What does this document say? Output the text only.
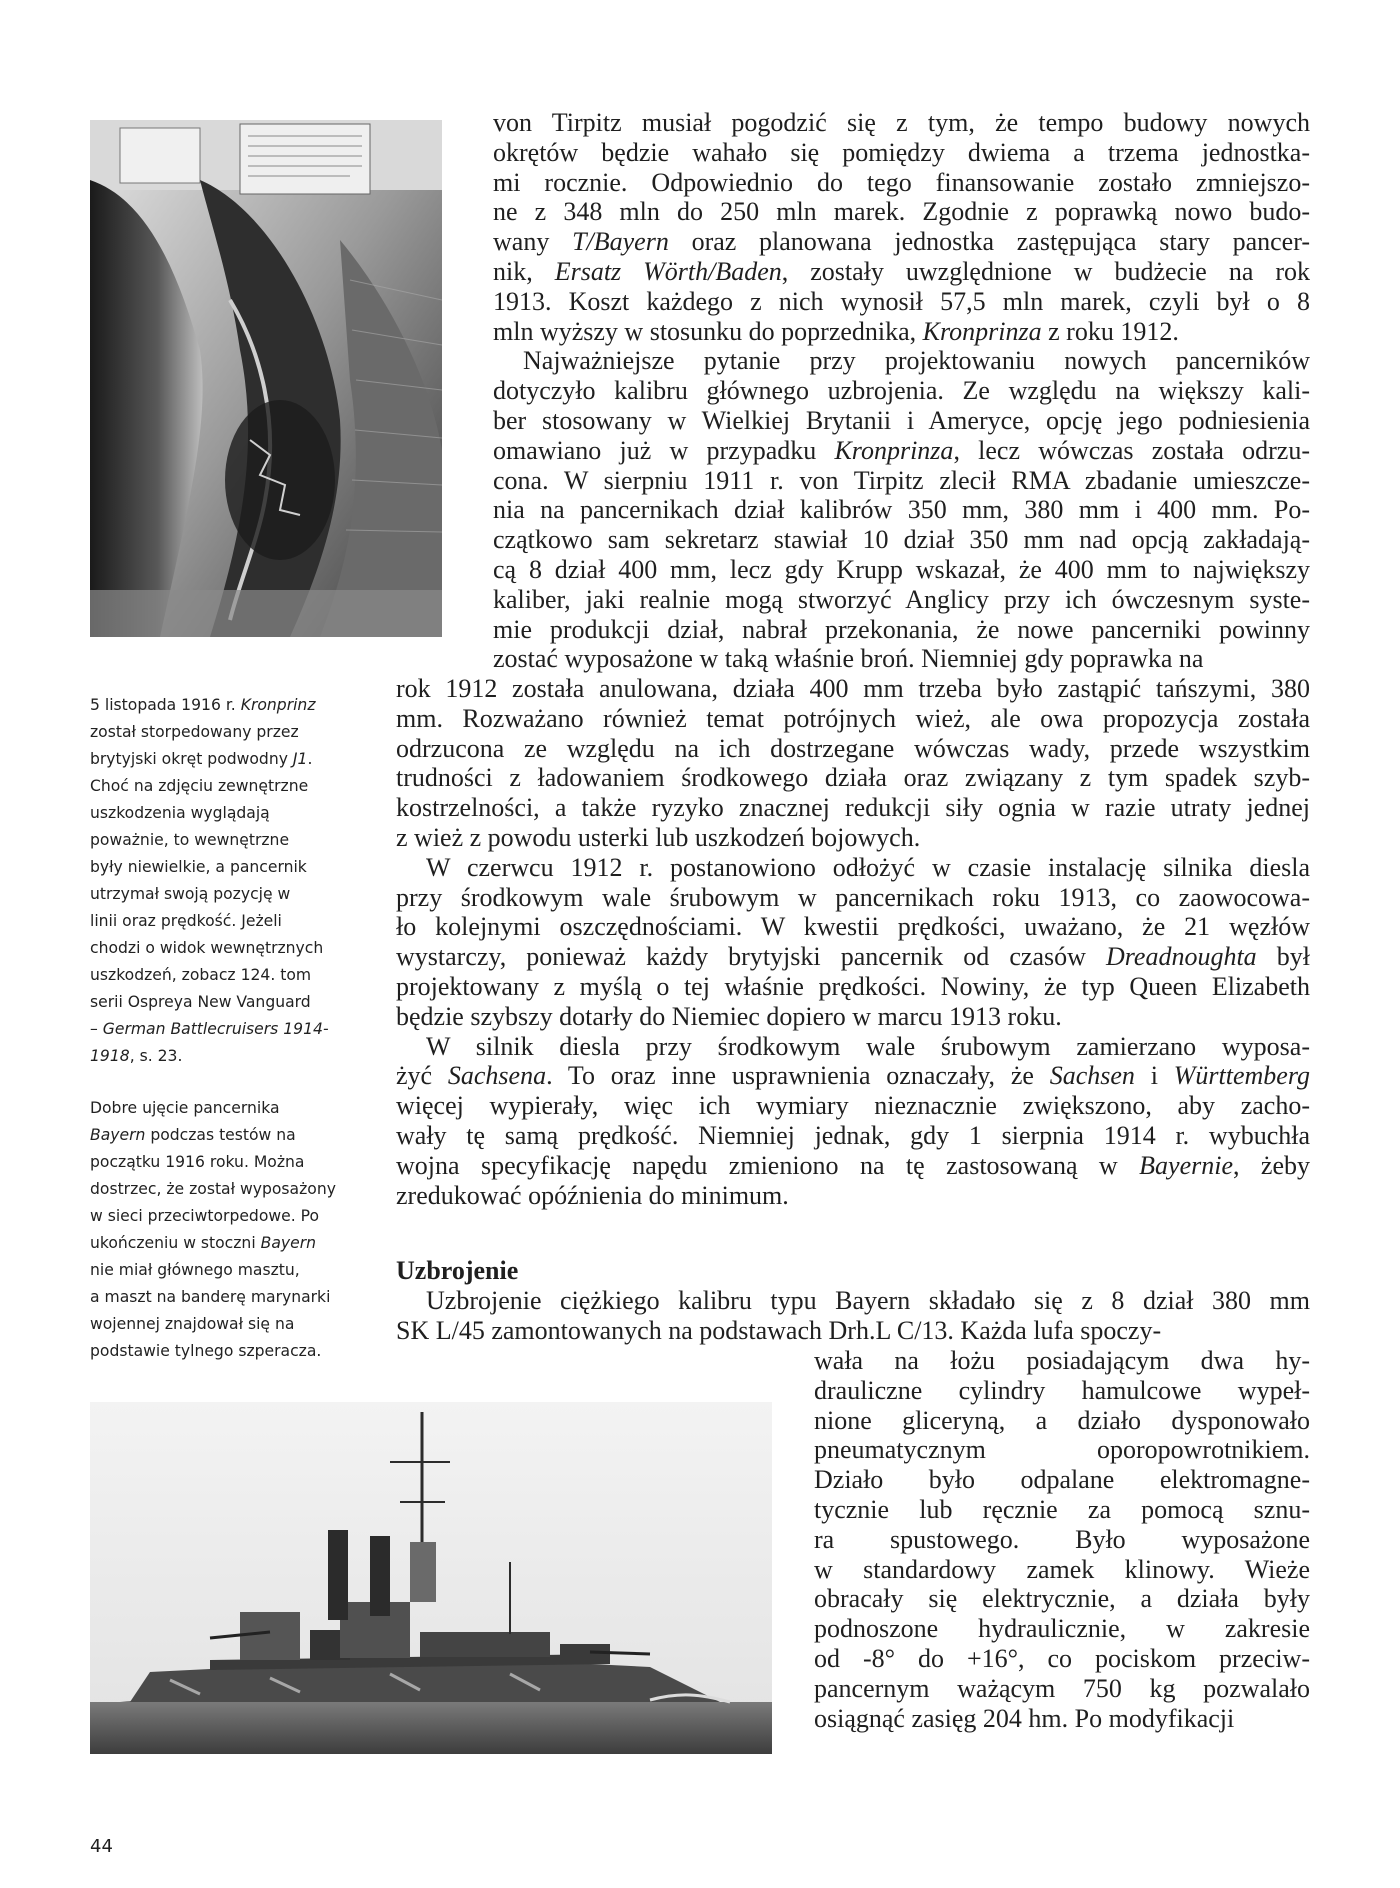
5 listopada 1916 r. Kronprinz
został storpedowany przez
brytyjski okręt podwodny J1.
Choć na zdjęciu zewnętrzne
uszkodzenia wyglądają
poważnie, to wewnętrzne
były niewielkie, a pancernik
utrzymał swoją pozycję w
linii oraz prędkość. Jeżeli
chodzi o widok wewnętrznych
uszkodzeń, zobacz 124. tom
serii Ospreya New Vanguard
– German Battlecruisers 1914-
1918, s. 23.
Dobre ujęcie pancernika
Bayern podczas testów na
początku 1916 roku. Można
dostrzec, że został wyposażony
w sieci przeciwtorpedowe. Po
ukończeniu w stoczni Bayern
nie miał głównego masztu,
a maszt na banderę marynarki
wojennej znajdował się na
podstawie tylnego szperacza.
von Tirpitz musiał pogodzić się z tym, że tempo budowy nowych
okrętów będzie wahało się pomiędzy dwiema a trzema jednostka-
mi rocznie. Odpowiednio do tego finansowanie zostało zmniejszo-
ne z 348 mln do 250 mln marek. Zgodnie z poprawką nowo budo-
wany T/Bayern oraz planowana jednostka zastępująca stary pancer-
nik, Ersatz Wörth/Baden, zostały uwzględnione w budżecie na rok
1913. Koszt każdego z nich wynosił 57,5 mln marek, czyli był o 8
mln wyższy w stosunku do poprzednika, Kronprinza z roku 1912.
Najważniejsze pytanie przy projektowaniu nowych pancerników
dotyczyło kalibru głównego uzbrojenia. Ze względu na większy kali-
ber stosowany w Wielkiej Brytanii i Ameryce, opcję jego podniesienia
omawiano już w przypadku Kronprinza, lecz wówczas została odrzu-
cona. W sierpniu 1911 r. von Tirpitz zlecił RMA zbadanie umieszcze-
nia na pancernikach dział kalibrów 350 mm, 380 mm i 400 mm. Po-
czątkowo sam sekretarz stawiał 10 dział 350 mm nad opcją zakładają-
cą 8 dział 400 mm, lecz gdy Krupp wskazał, że 400 mm to największy
kaliber, jaki realnie mogą stworzyć Anglicy przy ich ówczesnym syste-
mie produkcji dział, nabrał przekonania, że nowe pancerniki powinny
zostać wyposażone w taką właśnie broń. Niemniej gdy poprawka na
rok 1912 została anulowana, działa 400 mm trzeba było zastąpić tańszymi, 380
mm. Rozważano również temat potrójnych wież, ale owa propozycja została
odrzucona ze względu na ich dostrzegane wówczas wady, przede wszystkim
trudności z ładowaniem środkowego działa oraz związany z tym spadek szyb-
kostrzelności, a także ryzyko znacznej redukcji siły ognia w razie utraty jednej
z wież z powodu usterki lub uszkodzeń bojowych.
W czerwcu 1912 r. postanowiono odłożyć w czasie instalację silnika diesla
przy środkowym wale śrubowym w pancernikach roku 1913, co zaowocowa-
ło kolejnymi oszczędnościami. W kwestii prędkości, uważano, że 21 węzłów
wystarczy, ponieważ każdy brytyjski pancernik od czasów Dreadnoughta był
projektowany z myślą o tej właśnie prędkości. Nowiny, że typ Queen Elizabeth
będzie szybszy dotarły do Niemiec dopiero w marcu 1913 roku.
W silnik diesla przy środkowym wale śrubowym zamierzano wyposa-
żyć Sachsena. To oraz inne usprawnienia oznaczały, że Sachsen i Württemberg
więcej wypierały, więc ich wymiary nieznacznie zwiększono, aby zacho-
wały tę samą prędkość. Niemniej jednak, gdy 1 sierpnia 1914 r. wybuchła
wojna specyfikację napędu zmieniono na tę zastosowaną w Bayernie, żeby
zredukować opóźnienia do minimum.
Uzbrojenie
Uzbrojenie ciężkiego kalibru typu Bayern składało się z 8 dział 380 mm
SK L/45 zamontowanych na podstawach Drh.L C/13. Każda lufa spoczy-
wała na łożu posiadającym dwa hy-
drauliczne cylindry hamulcowe wypeł-
nione gliceryną, a działo dysponowało
pneumatycznym oporopowrotnikiem.
Działo było odpalane elektromagne-
tycznie lub ręcznie za pomocą sznu-
ra spustowego. Było wyposażone
w standardowy zamek klinowy. Wieże
obracały się elektrycznie, a działa były
podnoszone hydraulicznie, w zakresie
od -8° do +16°, co pociskom przeciw-
pancernym ważącym 750 kg pozwalało
osiągnąć zasięg 204 hm. Po modyfikacji
44
